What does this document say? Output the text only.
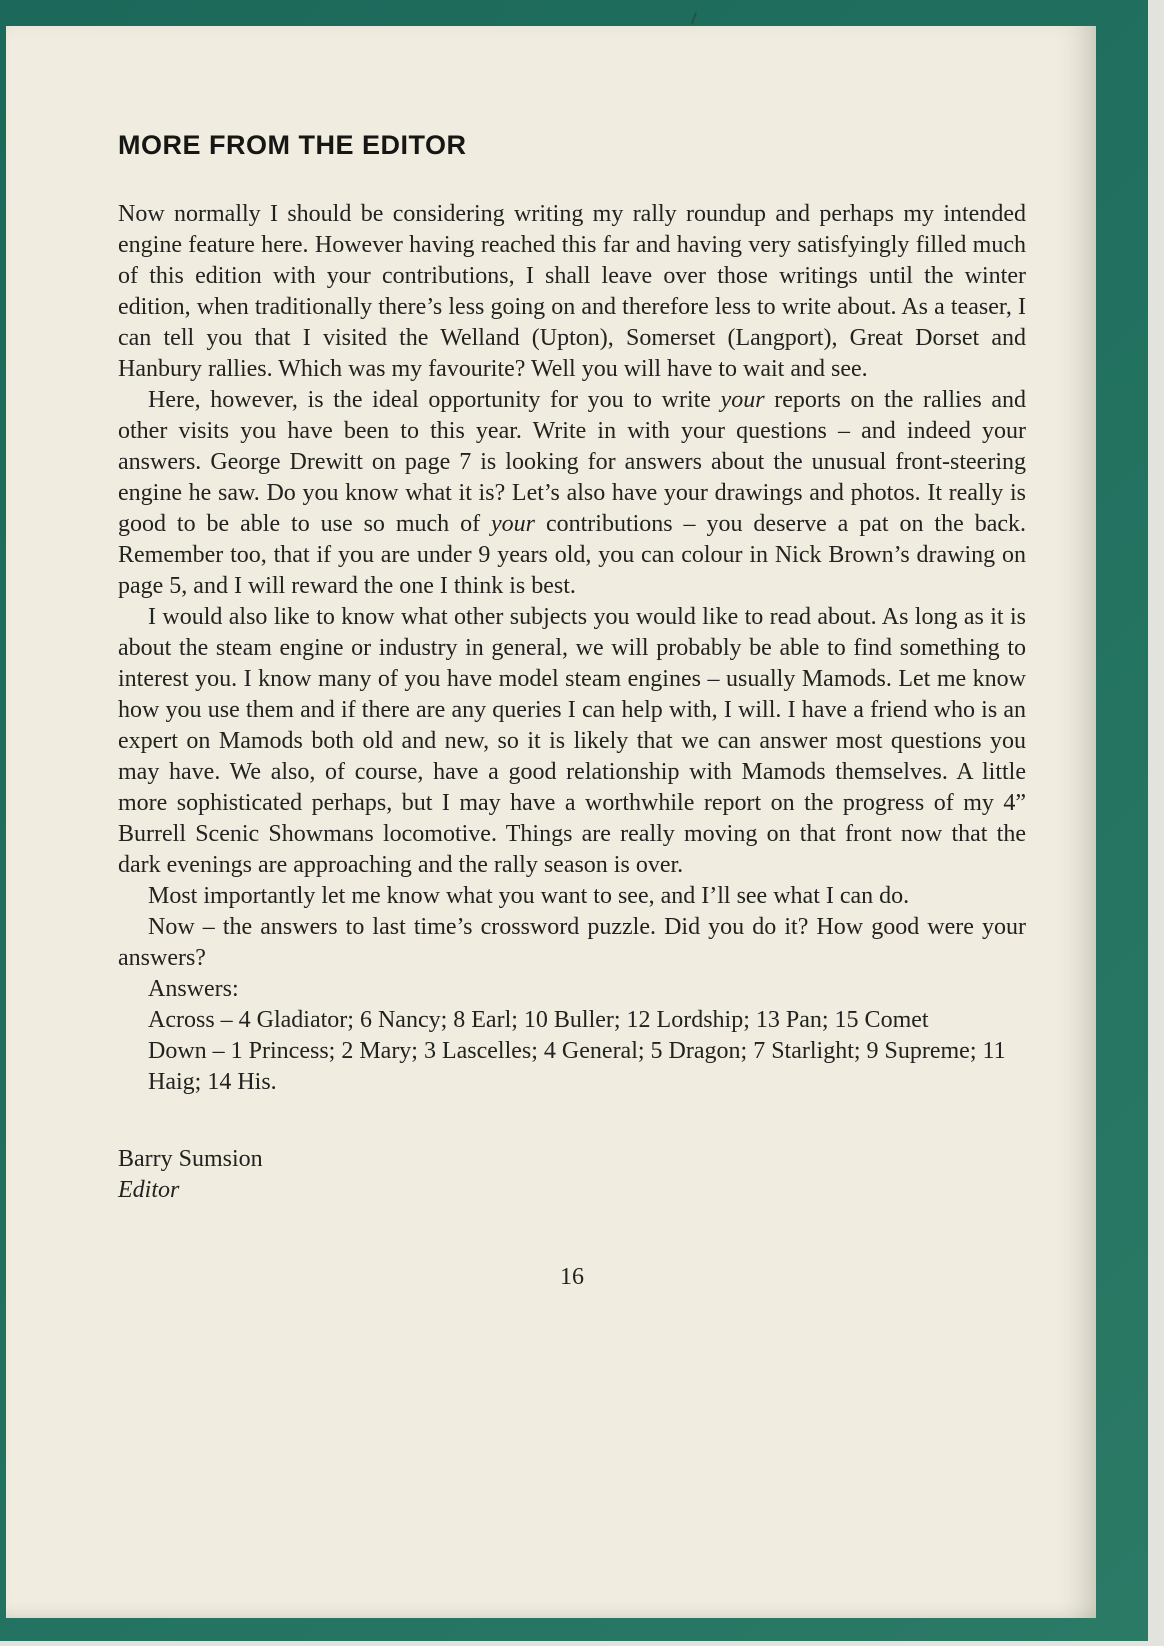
MORE FROM THE EDITOR

Now normally I should be considering writing my rally roundup and perhaps my intended engine feature here. However having reached this far and having very satisfyingly filled much of this edition with your contributions, I shall leave over those writings until the winter edition, when traditionally there’s less going on and therefore less to write about. As a teaser, I can tell you that I visited the Welland (Upton), Somerset (Langport), Great Dorset and Hanbury rallies. Which was my favourite? Well you will have to wait and see.

Here, however, is the ideal opportunity for you to write your reports on the rallies and other visits you have been to this year. Write in with your questions – and indeed your answers. George Drewitt on page 7 is looking for answers about the unusual front-steering engine he saw. Do you know what it is? Let’s also have your drawings and photos. It really is good to be able to use so much of your contributions – you deserve a pat on the back. Remember too, that if you are under 9 years old, you can colour in Nick Brown’s drawing on page 5, and I will reward the one I think is best.

I would also like to know what other subjects you would like to read about. As long as it is about the steam engine or industry in general, we will probably be able to find something to interest you. I know many of you have model steam engines – usually Mamods. Let me know how you use them and if there are any queries I can help with, I will. I have a friend who is an expert on Mamods both old and new, so it is likely that we can answer most questions you may have. We also, of course, have a good relationship with Mamods themselves. A little more sophisticated perhaps, but I may have a worthwhile report on the progress of my 4” Burrell Scenic Showmans locomotive. Things are really moving on that front now that the dark evenings are approaching and the rally season is over.

Most importantly let me know what you want to see, and I’ll see what I can do.

Now – the answers to last time’s crossword puzzle. Did you do it? How good were your answers?

Answers:

Across – 4 Gladiator; 6 Nancy; 8 Earl; 10 Buller; 12 Lordship; 13 Pan; 15 Comet

Down – 1 Princess; 2 Mary; 3 Lascelles; 4 General; 5 Dragon; 7 Starlight; 9 Supreme; 11 Haig; 14 His.

Barry Sumsion

Editor

16
